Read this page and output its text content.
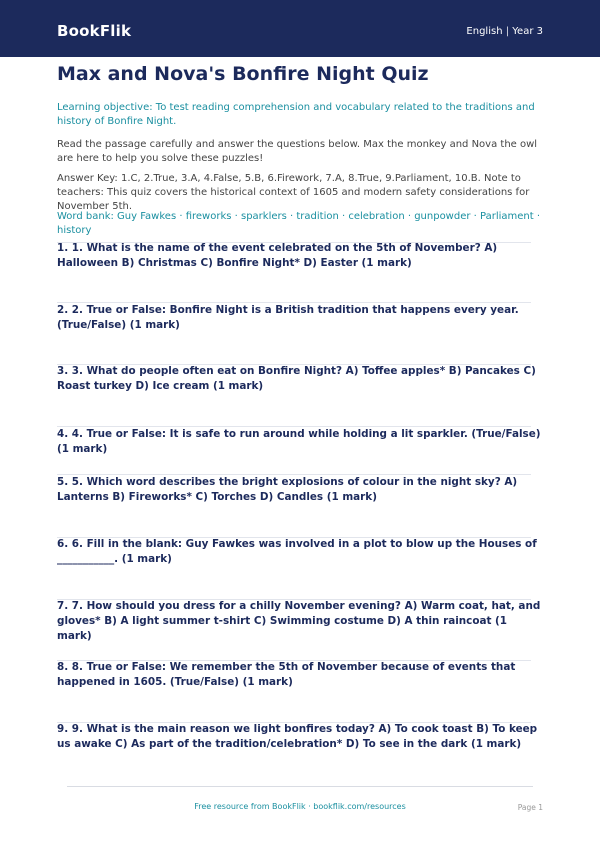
BookFlik	English | Year 3
Max and Nova's Bonfire Night Quiz

Learning objective: To test reading comprehension and vocabulary related to the traditions and history of Bonfire Night.

Read the passage carefully and answer the questions below. Max the monkey and Nova the owl are here to help you solve these puzzles!

Answer Key: 1.C, 2.True, 3.A, 4.False, 5.B, 6.Firework, 7.A, 8.True, 9.Parliament, 10.B. Note to teachers: This quiz covers the historical context of 1605 and modern safety considerations for November 5th.

Word bank: Guy Fawkes · fireworks · sparklers · tradition · celebration · gunpowder · Parliament · history

1. 1. What is the name of the event celebrated on the 5th of November? A) Halloween B) Christmas C) Bonfire Night* D) Easter (1 mark)

2. 2. True or False: Bonfire Night is a British tradition that happens every year. (True/False) (1 mark)

3. 3. What do people often eat on Bonfire Night? A) Toffee apples* B) Pancakes C) Roast turkey D) Ice cream (1 mark)

4. 4. True or False: It is safe to run around while holding a lit sparkler. (True/False) (1 mark)

5. 5. Which word describes the bright explosions of colour in the night sky? A) Lanterns B) Fireworks* C) Torches D) Candles (1 mark)

6. 6. Fill in the blank: Guy Fawkes was involved in a plot to blow up the Houses of ___________. (1 mark)

7. 7. How should you dress for a chilly November evening? A) Warm coat, hat, and gloves* B) A light summer t-shirt C) Swimming costume D) A thin raincoat (1 mark)

8. 8. True or False: We remember the 5th of November because of events that happened in 1605. (True/False) (1 mark)

9. 9. What is the main reason we light bonfires today? A) To cook toast B) To keep us awake C) As part of the tradition/celebration* D) To see in the dark (1 mark)

Free resource from BookFlik · bookflik.com/resources	Page 1
